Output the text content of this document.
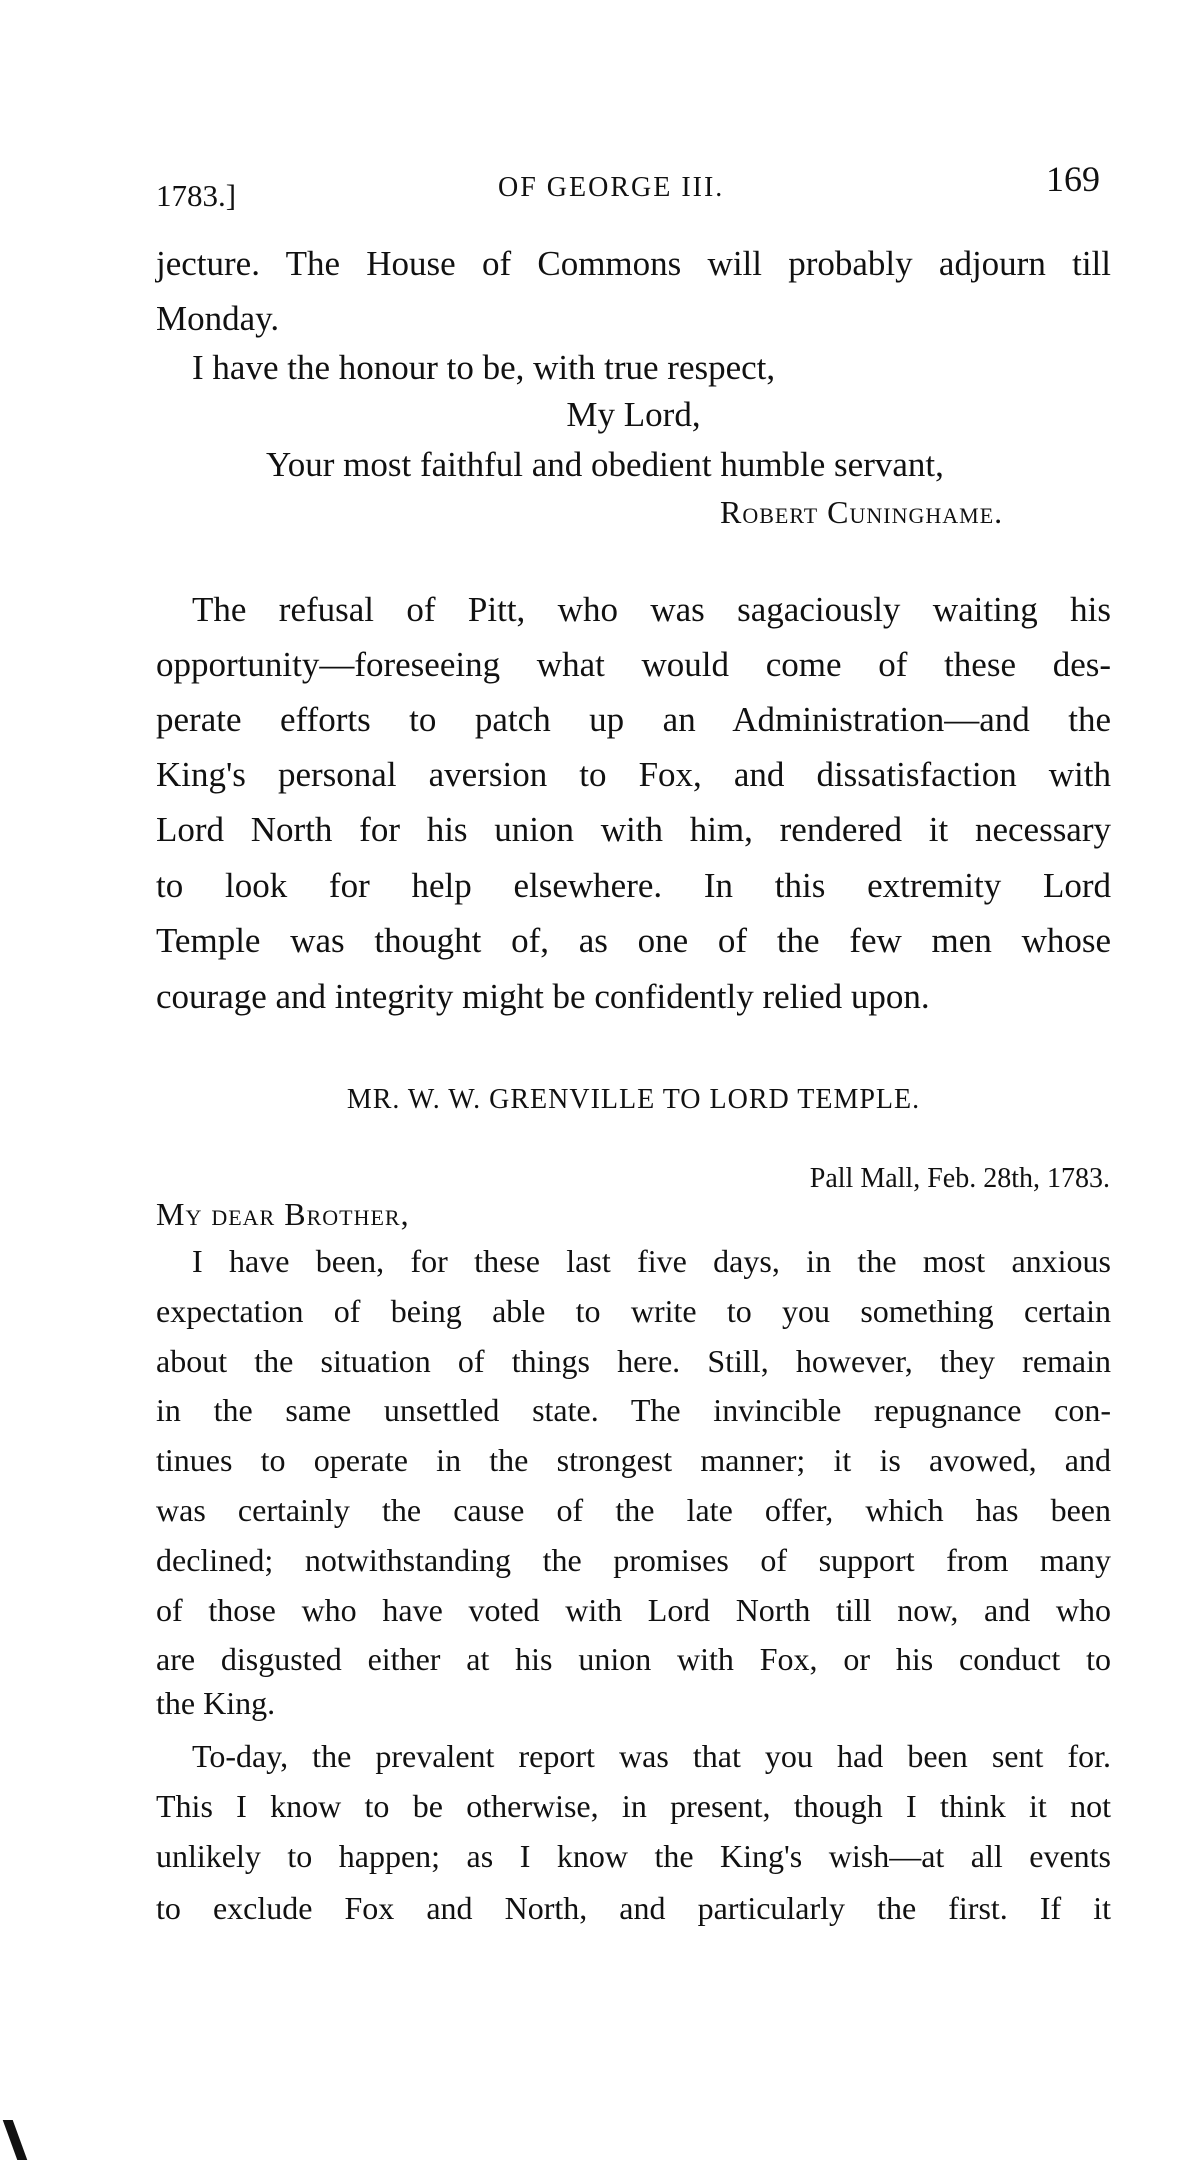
1783.]	OF GEORGE III.	169
jecture. The House of Commons will probably adjourn till
Monday.
I have the honour to be, with true respect,
My Lord,
Your most faithful and obedient humble servant,
Robert Cuninghame.
The refusal of Pitt, who was sagaciously waiting his
opportunity—foreseeing what would come of these des-
perate efforts to patch up an Administration—and the
King's personal aversion to Fox, and dissatisfaction with
Lord North for his union with him, rendered it necessary
to look for help elsewhere. In this extremity Lord
Temple was thought of, as one of the few men whose
courage and integrity might be confidently relied upon.
MR. W. W. GRENVILLE TO LORD TEMPLE.
Pall Mall, Feb. 28th, 1783.
My dear Brother,
I have been, for these last five days, in the most anxious
expectation of being able to write to you something certain
about the situation of things here. Still, however, they remain
in the same unsettled state. The invincible repugnance con-
tinues to operate in the strongest manner; it is avowed, and
was certainly the cause of the late offer, which has been
declined; notwithstanding the promises of support from many
of those who have voted with Lord North till now, and who
are disgusted either at his union with Fox, or his conduct to
the King.
To-day, the prevalent report was that you had been sent for.
This I know to be otherwise, in present, though I think it not
unlikely to happen; as I know the King's wish—at all events
to exclude Fox and North, and particularly the first. If it
